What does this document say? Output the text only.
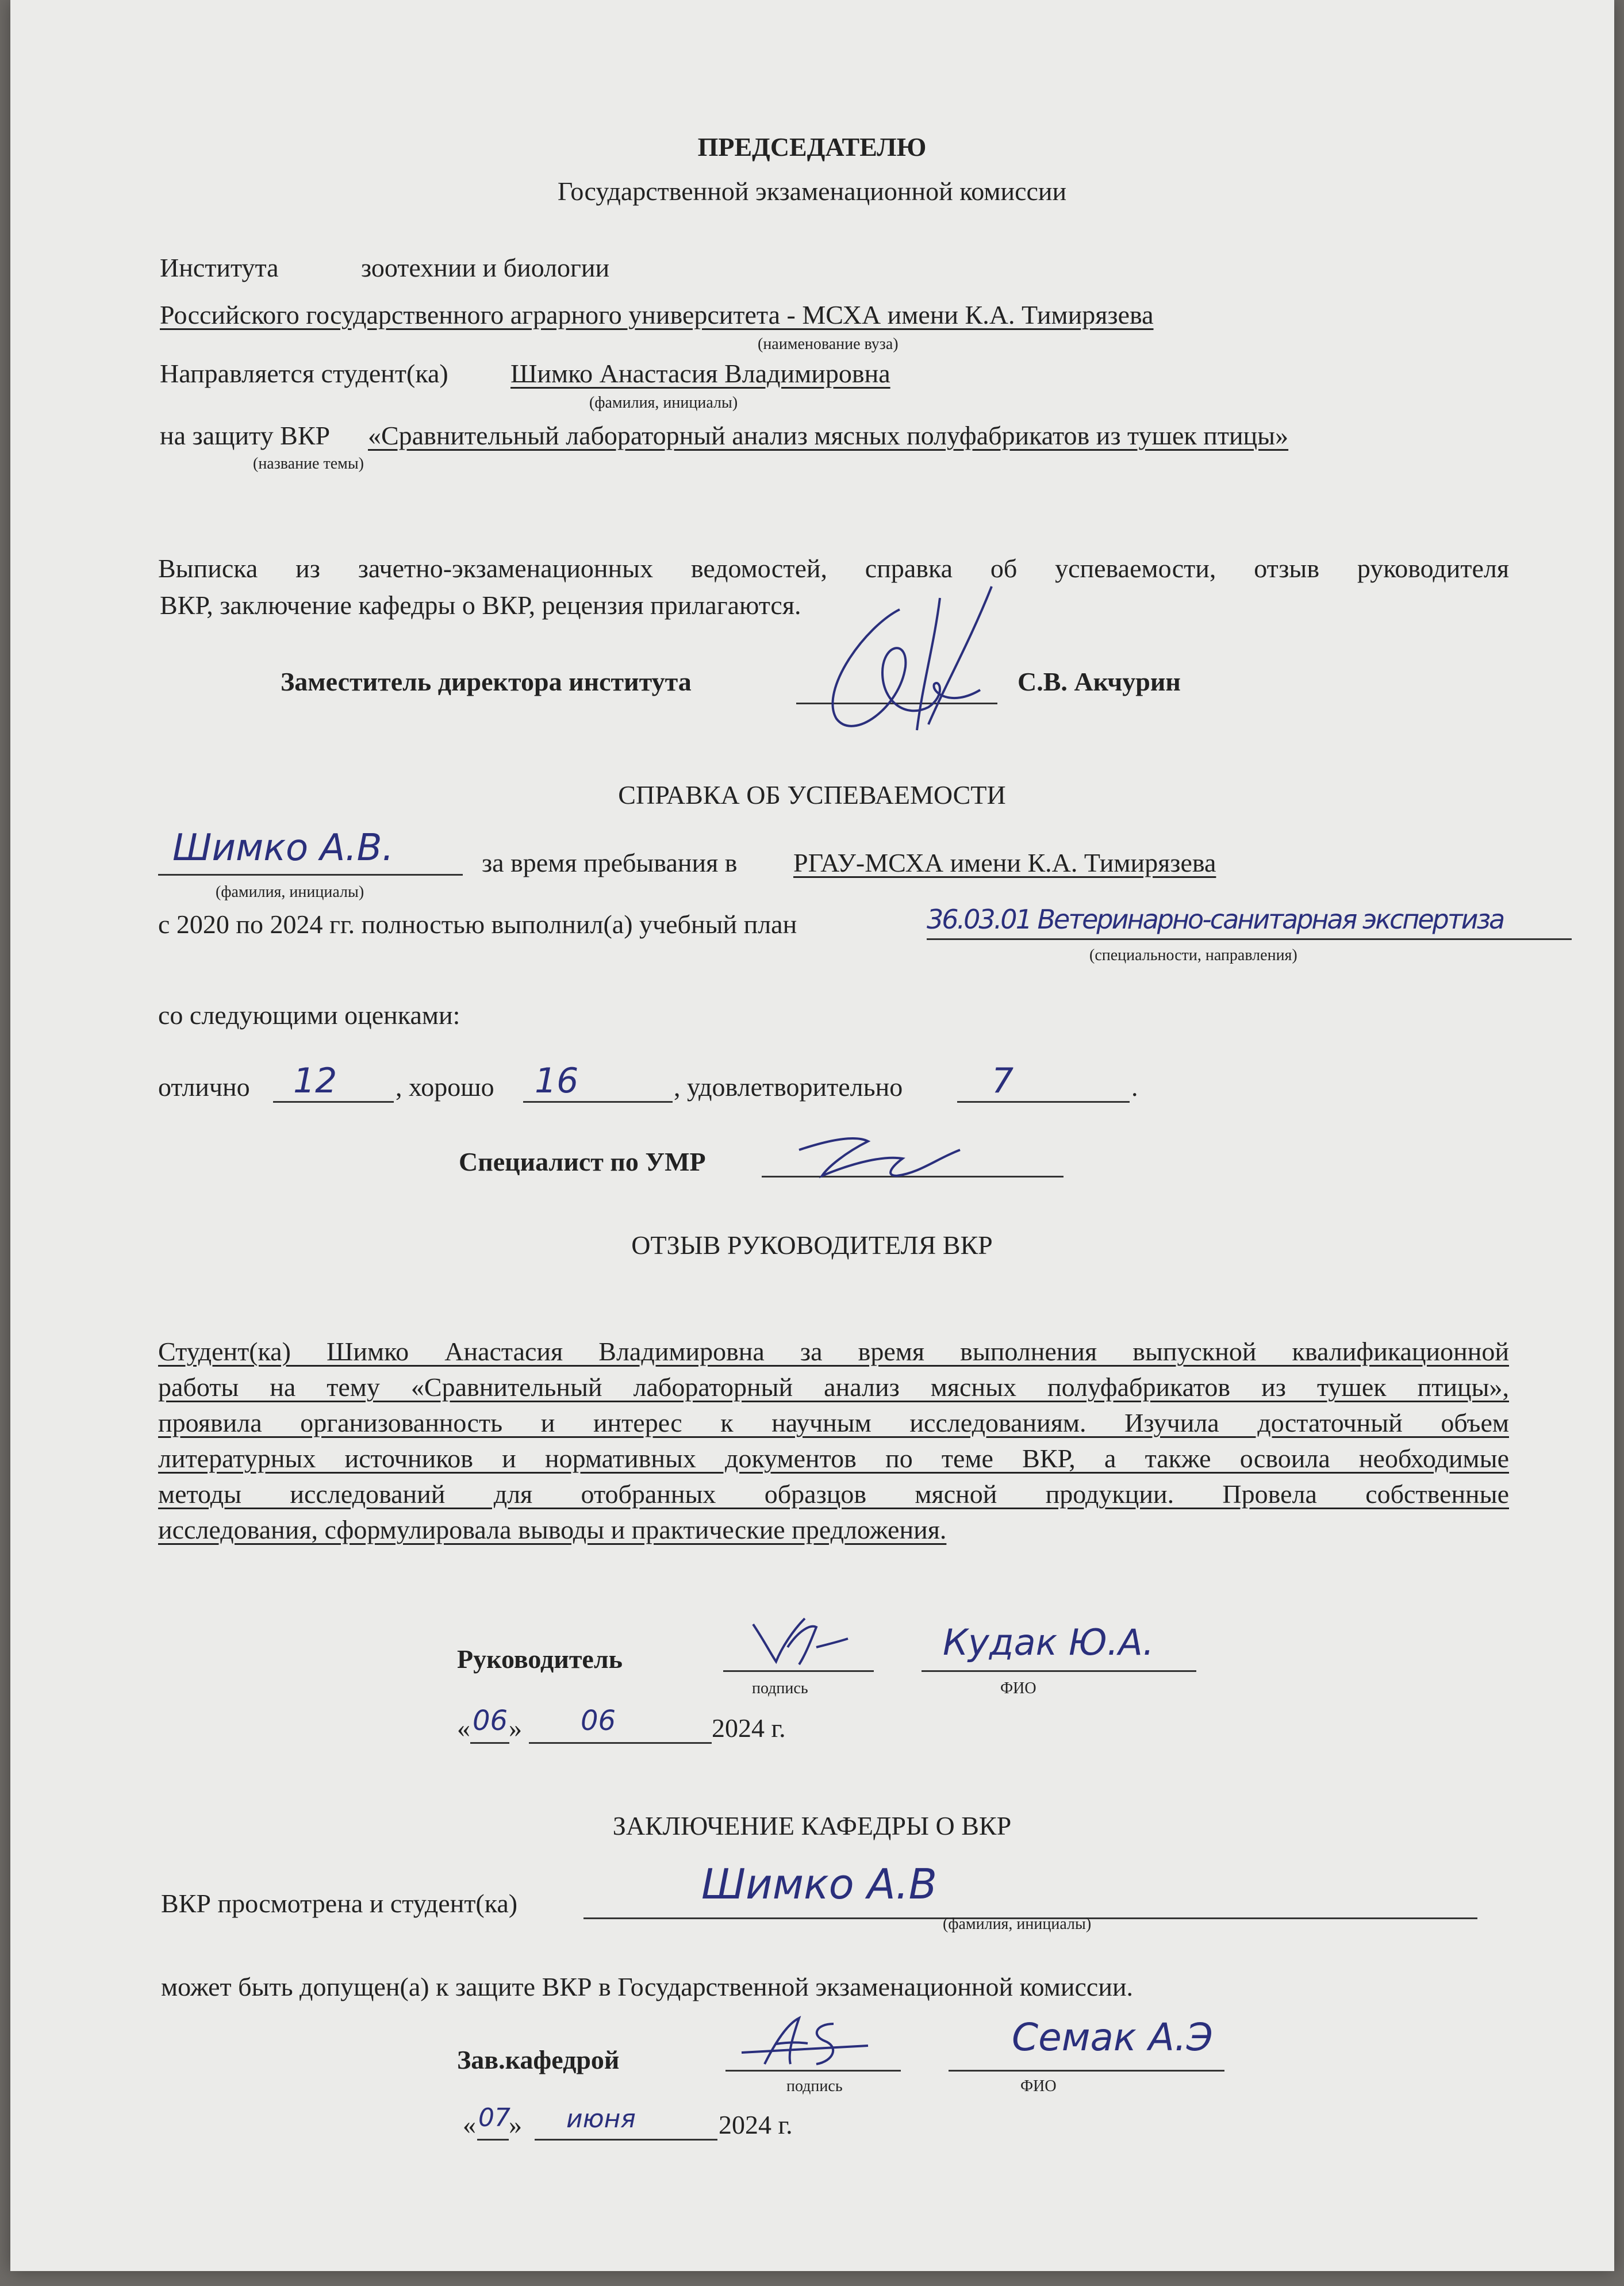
ПРЕДСЕДАТЕЛЮ
Государственной экзаменационной комиссии
Института	зоотехнии и биологии
Российского государственного аграрного университета - МСХА имени К.А. Тимирязева
(наименование вуза)
Направляется студент(ка) Шимко Анастасия Владимировна
(фамилия, инициалы)
на защиту ВКР «Сравнительный лабораторный анализ мясных полуфабрикатов из тушек птицы»
(название темы)
Выписка из зачетно-экзаменационных ведомостей, справка об успеваемости, отзыв руководителя
ВКР, заключение кафедры о ВКР, рецензия прилагаются.
Заместитель директора института	С.В. Акчурин
СПРАВКА ОБ УСПЕВАЕМОСТИ
Шимко А.В.	за время пребывания в РГАУ-МСХА имени К.А. Тимирязева
(фамилия, инициалы)
с 2020 по 2024 гг. полностью выполнил(а) учебный план	36.03.01 Ветеринарно-санитарная экспертиза
(специальности, направления)
со следующими оценками:
отлично 12 , хорошо 16	, удовлетворительно	7	.
Специалист по УМР
ОТЗЫВ РУКОВОДИТЕЛЯ ВКР
Студент(ка) Шимко Анастасия Владимировна за время выполнения выпускной квалификационной
работы на тему «Сравнительный лабораторный анализ мясных полуфабрикатов из тушек птицы»,
проявила организованность и интерес к научным исследованиям. Изучила достаточный объем
литературных источников и нормативных документов по теме ВКР, а также освоила необходимые
методы исследований для отобранных образцов мясной продукции. Провела собственные
исследования, сформулировала выводы и практические предложения.
Руководитель
подпись
Кудак Ю.А.
ФИО
« 06 » 06	2024 г.
ЗАКЛЮЧЕНИЕ КАФЕДРЫ О ВКР
ВКР просмотрена и студент(ка)	Шимко А.В
(фамилия, инициалы)
может быть допущен(а) к защите ВКР в Государственной экзаменационной комиссии.
Зав.кафедрой
подпись
Семак А.Э
ФИО
« 07
» июня	2024 г.
